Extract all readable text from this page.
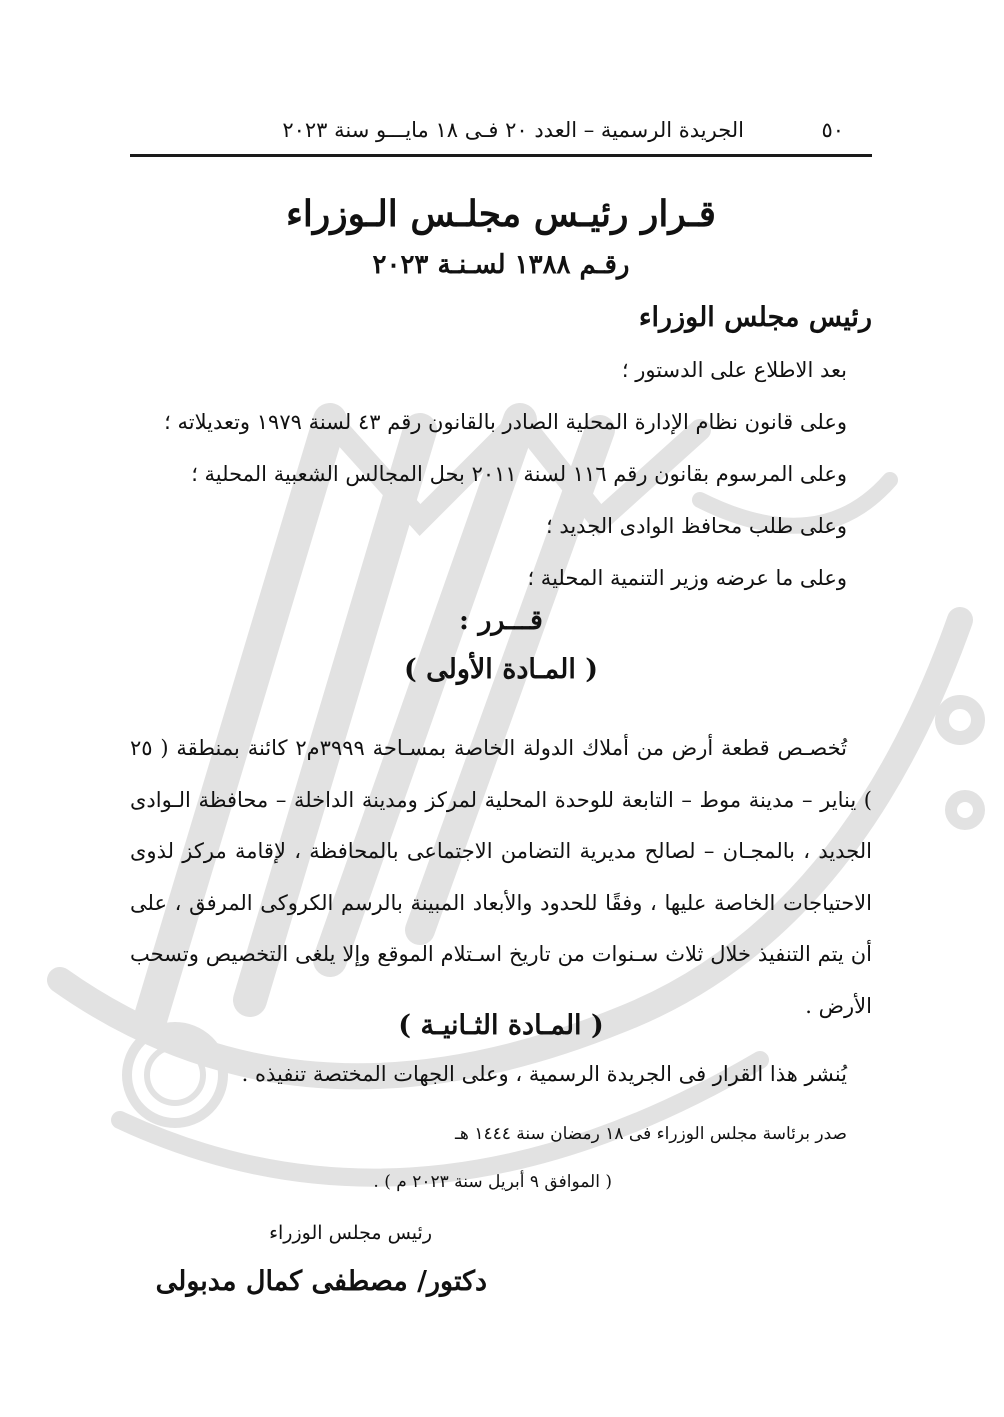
٥٠
الجريدة الرسمية – العدد ٢٠ فـى ١٨ مايـــو سنة ٢٠٢٣
قـرار رئيـس مجلـس الـوزراء
رقـم ١٣٨٨ لسـنـة ٢٠٢٣
رئيس مجلس الوزراء
بعد الاطلاع على الدستور ؛
وعلى قانون نظام الإدارة المحلية الصادر بالقانون رقم ٤٣ لسنة ١٩٧٩ وتعديلاته ؛
وعلى المرسوم بقانون رقم ١١٦ لسنة ٢٠١١ بحل المجالس الشعبية المحلية ؛
وعلى طلب محافظ الوادى الجديد ؛
وعلى ما عرضه وزير التنمية المحلية ؛
قـــرر :
( المـادة الأولى )

تُخصـص قطعة أرض من أملاك الدولة الخاصة بمسـاحة ٣٩٩٩م٢ كائنة بمنطقة ( ٢٥ ) يناير – مدينة موط – التابعة للوحدة المحلية لمركز ومدينة الداخلة – محافظة الـوادى الجديد ، بالمجـان – لصالح مديرية التضامن الاجتماعى بالمحافظة ، لإقامة مركز لذوى الاحتياجات الخاصة عليها ، وفقًا للحدود والأبعاد المبينة بالرسم الكروكى المرفق ، على أن يتم التنفيذ خلال ثلاث سـنوات من تاريخ اسـتلام الموقع وإلا يلغى التخصيص وتسحب الأرض .

( المـادة الثـانيـة )
يُنشر هذا القرار فى الجريدة الرسمية ، وعلى الجهات المختصة تنفيذه .
صدر برئاسة مجلس الوزراء فى ١٨ رمضان سنة ١٤٤٤ هـ
( الموافق ٩ أبريل سنة ٢٠٢٣ م ) .
رئيس مجلس الوزراء
دكتور/ مصطفى كمال مدبولى
